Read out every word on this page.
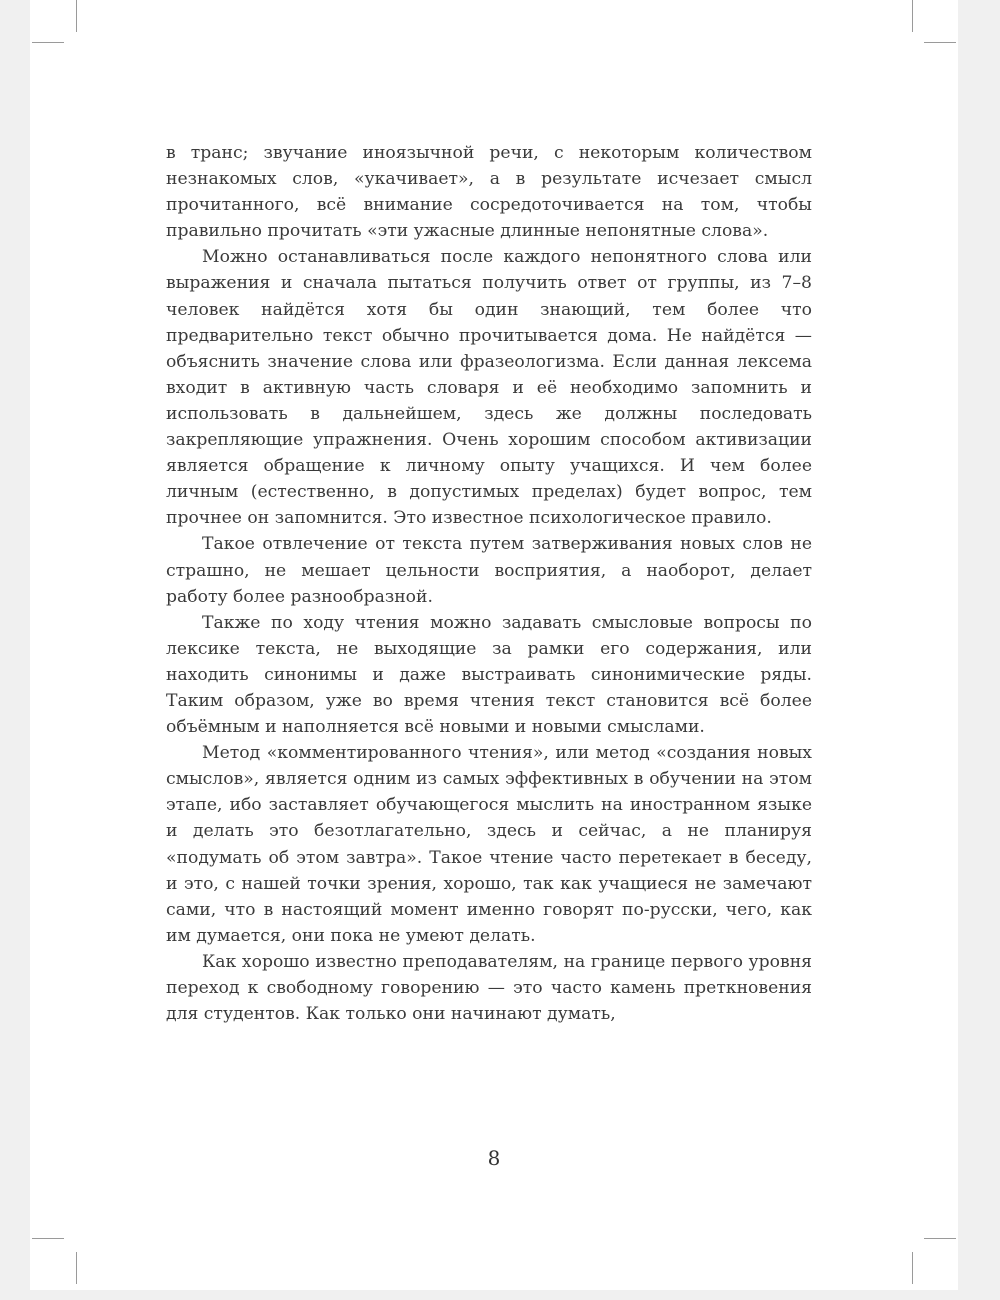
в транс; звучание иноязычной речи, с некоторым количеством незнакомых слов, «укачивает», а в результате исчезает смысл прочитанного, всё внимание сосредоточивается на том, чтобы правильно прочитать «эти ужасные длинные непонятные слова».

Можно останавливаться после каждого непонятного слова или выражения и сначала пытаться получить ответ от группы, из 7–8 человек найдётся хотя бы один знающий, тем более что предварительно текст обычно прочитывается дома. Не найдётся — объяснить значение слова или фразеологизма. Если данная лексема входит в активную часть словаря и её необходимо запомнить и использовать в дальнейшем, здесь же должны последовать закрепляющие упражнения. Очень хорошим способом активизации является обращение к личному опыту учащихся. И чем более личным (естественно, в допустимых пределах) будет вопрос, тем прочнее он запомнится. Это известное психологическое правило.

Такое отвлечение от текста путем затверживания новых слов не страшно, не мешает цельности восприятия, а наоборот, делает работу более разнообразной.

Также по ходу чтения можно задавать смысловые вопросы по лексике текста, не выходящие за рамки его содержания, или находить синонимы и даже выстраивать синонимические ряды. Таким образом, уже во время чтения текст становится всё более объёмным и наполняется всё новыми и новыми смыслами.

Метод «комментированного чтения», или метод «создания новых смыслов», является одним из самых эффективных в обучении на этом этапе, ибо заставляет обучающегося мыслить на иностранном языке и делать это безотлагательно, здесь и сейчас, а не планируя «подумать об этом завтра». Такое чтение часто перетекает в беседу, и это, с нашей точки зрения, хорошо, так как учащиеся не замечают сами, что в настоящий момент именно говорят по-русски, чего, как им думается, они пока не умеют делать.

Как хорошо известно преподавателям, на границе первого уровня переход к свободному говорению — это часто камень преткновения для студентов. Как только они начинают думать,

8
